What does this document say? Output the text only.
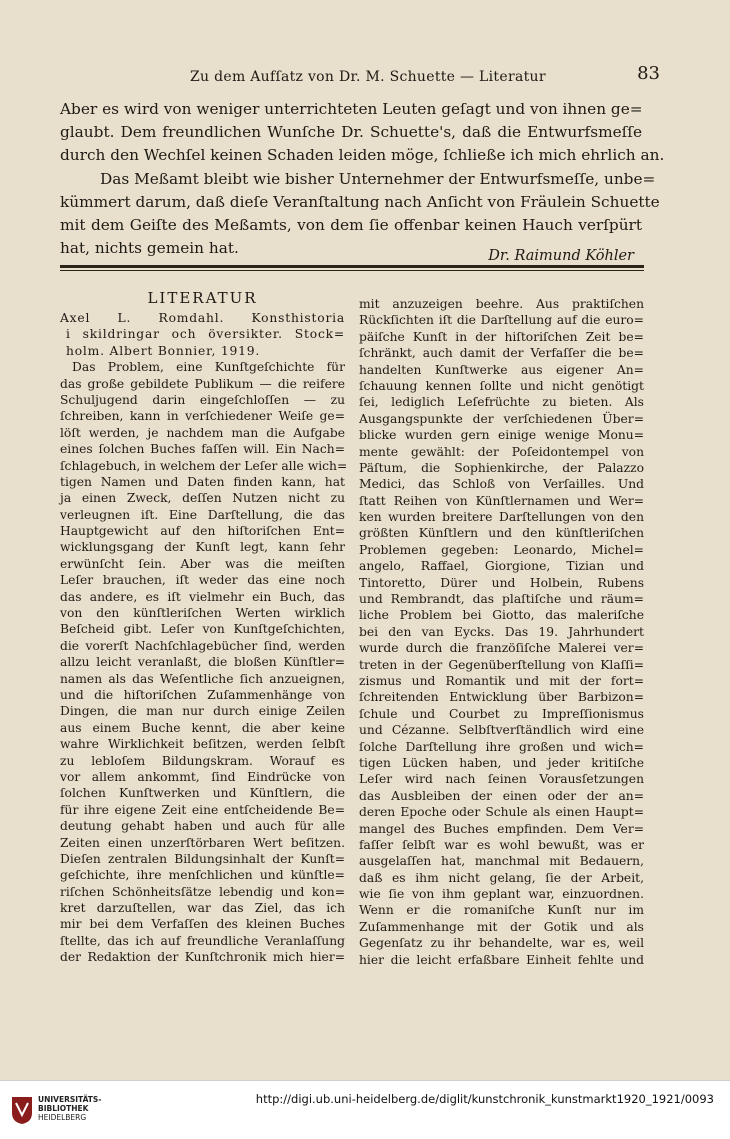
Zu dem Aufſatz von Dr. M. Schuette — Literatur	83
Aber es wird von weniger unterrichteten Leuten geſagt und von ihnen ge=
glaubt. Dem freundlichen Wunſche Dr. Schuette's, daß die Entwurfsmeſſe
durch den Wechſel keinen Schaden leiden möge, ſchließe ich mich ehrlich an.
Das Meßamt bleibt wie bisher Unternehmer der Entwurfsmeſſe, unbe=
kümmert darum, daß dieſe Veranſtaltung nach Anſicht von Fräulein Schuette
mit dem Geiſte des Meßamts, von dem ſie offenbar keinen Hauch verſpürt
hat, nichts gemein hat.	Dr. Raimund Köhler
LITERATUR
Axel L. Romdahl. Konsthistoria
i skildringar och översikter. Stock=
holm. Albert Bonnier, 1919.
Das Problem, eine Kunſtgeſchichte für
das große gebildete Publikum — die reifere
Schuljugend darin eingeſchloſſen — zu
ſchreiben, kann in verſchiedener Weiſe ge=
löſt werden, je nachdem man die Aufgabe
eines ſolchen Buches faſſen will. Ein Nach=
ſchlagebuch, in welchem der Leſer alle wich=
tigen Namen und Daten finden kann, hat
ja einen Zweck, deſſen Nutzen nicht zu
verleugnen iſt. Eine Darſtellung, die das
Hauptgewicht auf den hiſtoriſchen Ent=
wicklungsgang der Kunſt legt, kann ſehr
erwünſcht ſein. Aber was die meiſten
Leſer brauchen, iſt weder das eine noch
das andere, es iſt vielmehr ein Buch, das
von den künſtleriſchen Werten wirklich
Beſcheid gibt. Leſer von Kunſtgeſchichten,
die vorerſt Nachſchlagebücher ſind, werden
allzu leicht veranlaßt, die bloßen Künſtler=
namen als das Weſentliche ſich anzueignen,
und die hiſtoriſchen Zuſammenhänge von
Dingen, die man nur durch einige Zeilen
aus einem Buche kennt, die aber keine
wahre Wirklichkeit beſitzen, werden ſelbſt
zu lebloſem Bildungskram. Worauf es
vor allem ankommt, ſind Eindrücke von
ſolchen Kunſtwerken und Künſtlern, die
für ihre eigene Zeit eine entſcheidende Be=
deutung gehabt haben und auch für alle
Zeiten einen unzerſtörbaren Wert beſitzen.
Dieſen zentralen Bildungsinhalt der Kunſt=
geſchichte, ihre menſchlichen und künſtle=
riſchen Schönheitsſätze lebendig und kon=
kret darzuſtellen, war das Ziel, das ich
mir bei dem Verfaſſen des kleinen Buches
ſtellte, das ich auf freundliche Veranlaſſung
der Redaktion der Kunſtchronik mich hier=
mit anzuzeigen beehre. Aus praktiſchen
Rückſichten iſt die Darſtellung auf die euro=
päiſche Kunſt in der hiſtoriſchen Zeit be=
ſchränkt, auch damit der Verfaſſer die be=
handelten Kunſtwerke aus eigener An=
ſchauung kennen ſollte und nicht genötigt
ſei, lediglich Leſefrüchte zu bieten. Als
Ausgangspunkte der verſchiedenen Über=
blicke wurden gern einige wenige Monu=
mente gewählt: der Poſeidontempel von
Päſtum, die Sophienkirche, der Palazzo
Medici, das Schloß von Verſailles. Und
ſtatt Reihen von Künſtlernamen und Wer=
ken wurden breitere Darſtellungen von den
größten Künſtlern und den künſtleriſchen
Problemen gegeben: Leonardo, Michel=
angelo, Raffael, Giorgione, Tizian und
Tintoretto, Dürer und Holbein, Rubens
und Rembrandt, das plaſtiſche und räum=
liche Problem bei Giotto, das maleriſche
bei den van Eycks. Das 19. Jahrhundert
wurde durch die franzöſiſche Malerei ver=
treten in der Gegenüberſtellung von Klaſſi=
zismus und Romantik und mit der fort=
ſchreitenden Entwicklung über Barbizon=
ſchule und Courbet zu Impreſſionismus
und Cézanne. Selbſtverſtändlich wird eine
ſolche Darſtellung ihre großen und wich=
tigen Lücken haben, und jeder kritiſche
Leſer wird nach ſeinen Vorausſetzungen
das Ausbleiben der einen oder der an=
deren Epoche oder Schule als einen Haupt=
mangel des Buches empfinden. Dem Ver=
faſſer ſelbſt war es wohl bewußt, was er
ausgelaſſen hat, manchmal mit Bedauern,
daß es ihm nicht gelang, ſie der Arbeit,
wie ſie von ihm geplant war, einzuordnen.
Wenn er die romaniſche Kunſt nur im
Zuſammenhange mit der Gotik und als
Gegenſatz zu ihr behandelte, war es, weil
hier die leicht erfaßbare Einheit fehlte und
UNIVERSITÄTS-
BIBLIOTHEK
HEIDELBERG
http://digi.ub.uni-heidelberg.de/diglit/kunstchronik_kunstmarkt1920_1921/0093
